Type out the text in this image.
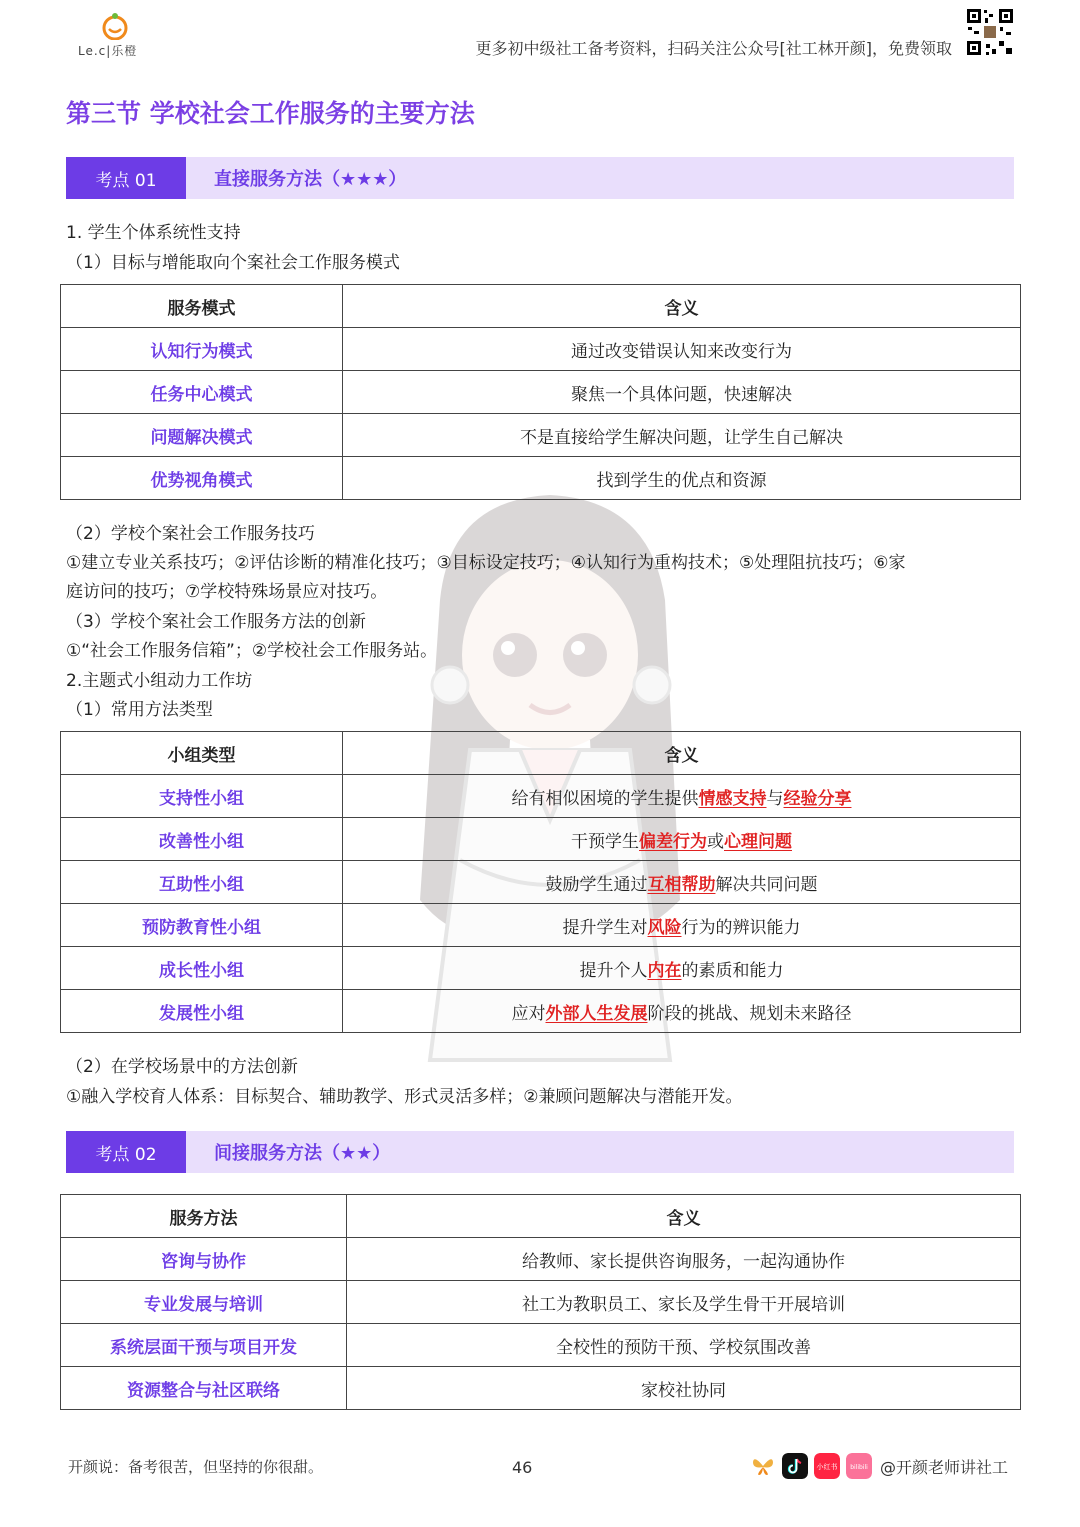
Le.c|乐橙	更多初中级社工备考资料，扫码关注公众号[社工林开颜]，免费领取
第三节 学校社会工作服务的主要方法
考点 01	直接服务方法（★★★）
1. 学生个体系统性支持
（1）目标与增能取向个案社会工作服务模式
服务模式	含义
认知行为模式	通过改变错误认知来改变行为
任务中心模式	聚焦一个具体问题，快速解决
问题解决模式	不是直接给学生解决问题，让学生自己解决
优势视角模式	找到学生的优点和资源
（2）学校个案社会工作服务技巧
①建立专业关系技巧；②评估诊断的精准化技巧；③目标设定技巧；④认知行为重构技术；⑤处理阻抗技巧；⑥家
庭访问的技巧；⑦学校特殊场景应对技巧。
（3）学校个案社会工作服务方法的创新
①“社会工作服务信箱”；②学校社会工作服务站。
2.主题式小组动力工作坊
（1）常用方法类型
小组类型	含义
支持性小组	给有相似困境的学生提供情感支持与经验分享
改善性小组	干预学生偏差行为或心理问题
互助性小组	鼓励学生通过互相帮助解决共同问题
预防教育性小组	提升学生对风险行为的辨识能力
成长性小组	提升个人内在的素质和能力
发展性小组	应对外部人生发展阶段的挑战、规划未来路径
（2）在学校场景中的方法创新
①融入学校育人体系：目标契合、辅助教学、形式灵活多样；②兼顾问题解决与潜能开发。
考点 02	间接服务方法（★★）
服务方法	含义
咨询与协作	给教师、家长提供咨询服务，一起沟通协作
专业发展与培训	社工为教职员工、家长及学生骨干开展培训
系统层面干预与项目开发	全校性的预防干预、学校氛围改善
资源整合与社区联络	家校社协同
开颜说：备考很苦，但坚持的你很甜。	46	小红书 bilibili @开颜老师讲社工
